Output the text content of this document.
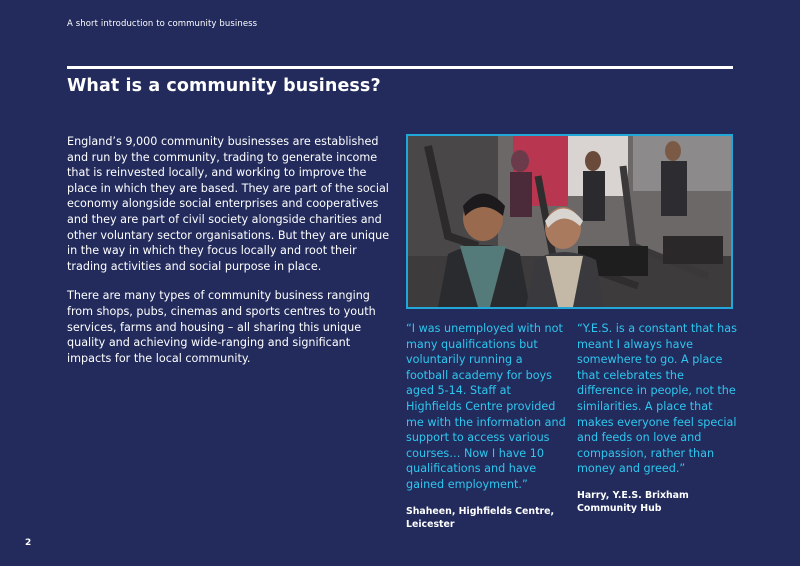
A short introduction to community business
What is a community business?

England’s 9,000 community businesses are established and run by the community, trading to generate income that is reinvested locally, and working to improve the place in which they are based. They are part of the social economy alongside social enterprises and cooperatives and they are part of civil society alongside charities and other voluntary sector organisations. But they are unique in the way in which they focus locally and root their trading activities and social purpose in place.

There are many types of community business ranging from shops, pubs, cinemas and sports centres to youth services, farms and housing – all sharing this unique quality and achieving wide-ranging and significant impacts for the local community.

“I was unemployed with not many qualifications but voluntarily running a football academy for boys aged 5-14. Staff at Highfields Centre provided me with the information and support to access various courses… Now I have 10 qualifications and have gained employment.”

Shaheen, Highfields Centre,
Leicester

“Y.E.S. is a constant that has meant I always have somewhere to go. A place that celebrates the difference in people, not the similarities. A place that makes everyone feel special and feeds on love and compassion, rather than money and greed.”

Harry, Y.E.S. Brixham
Community Hub

2
